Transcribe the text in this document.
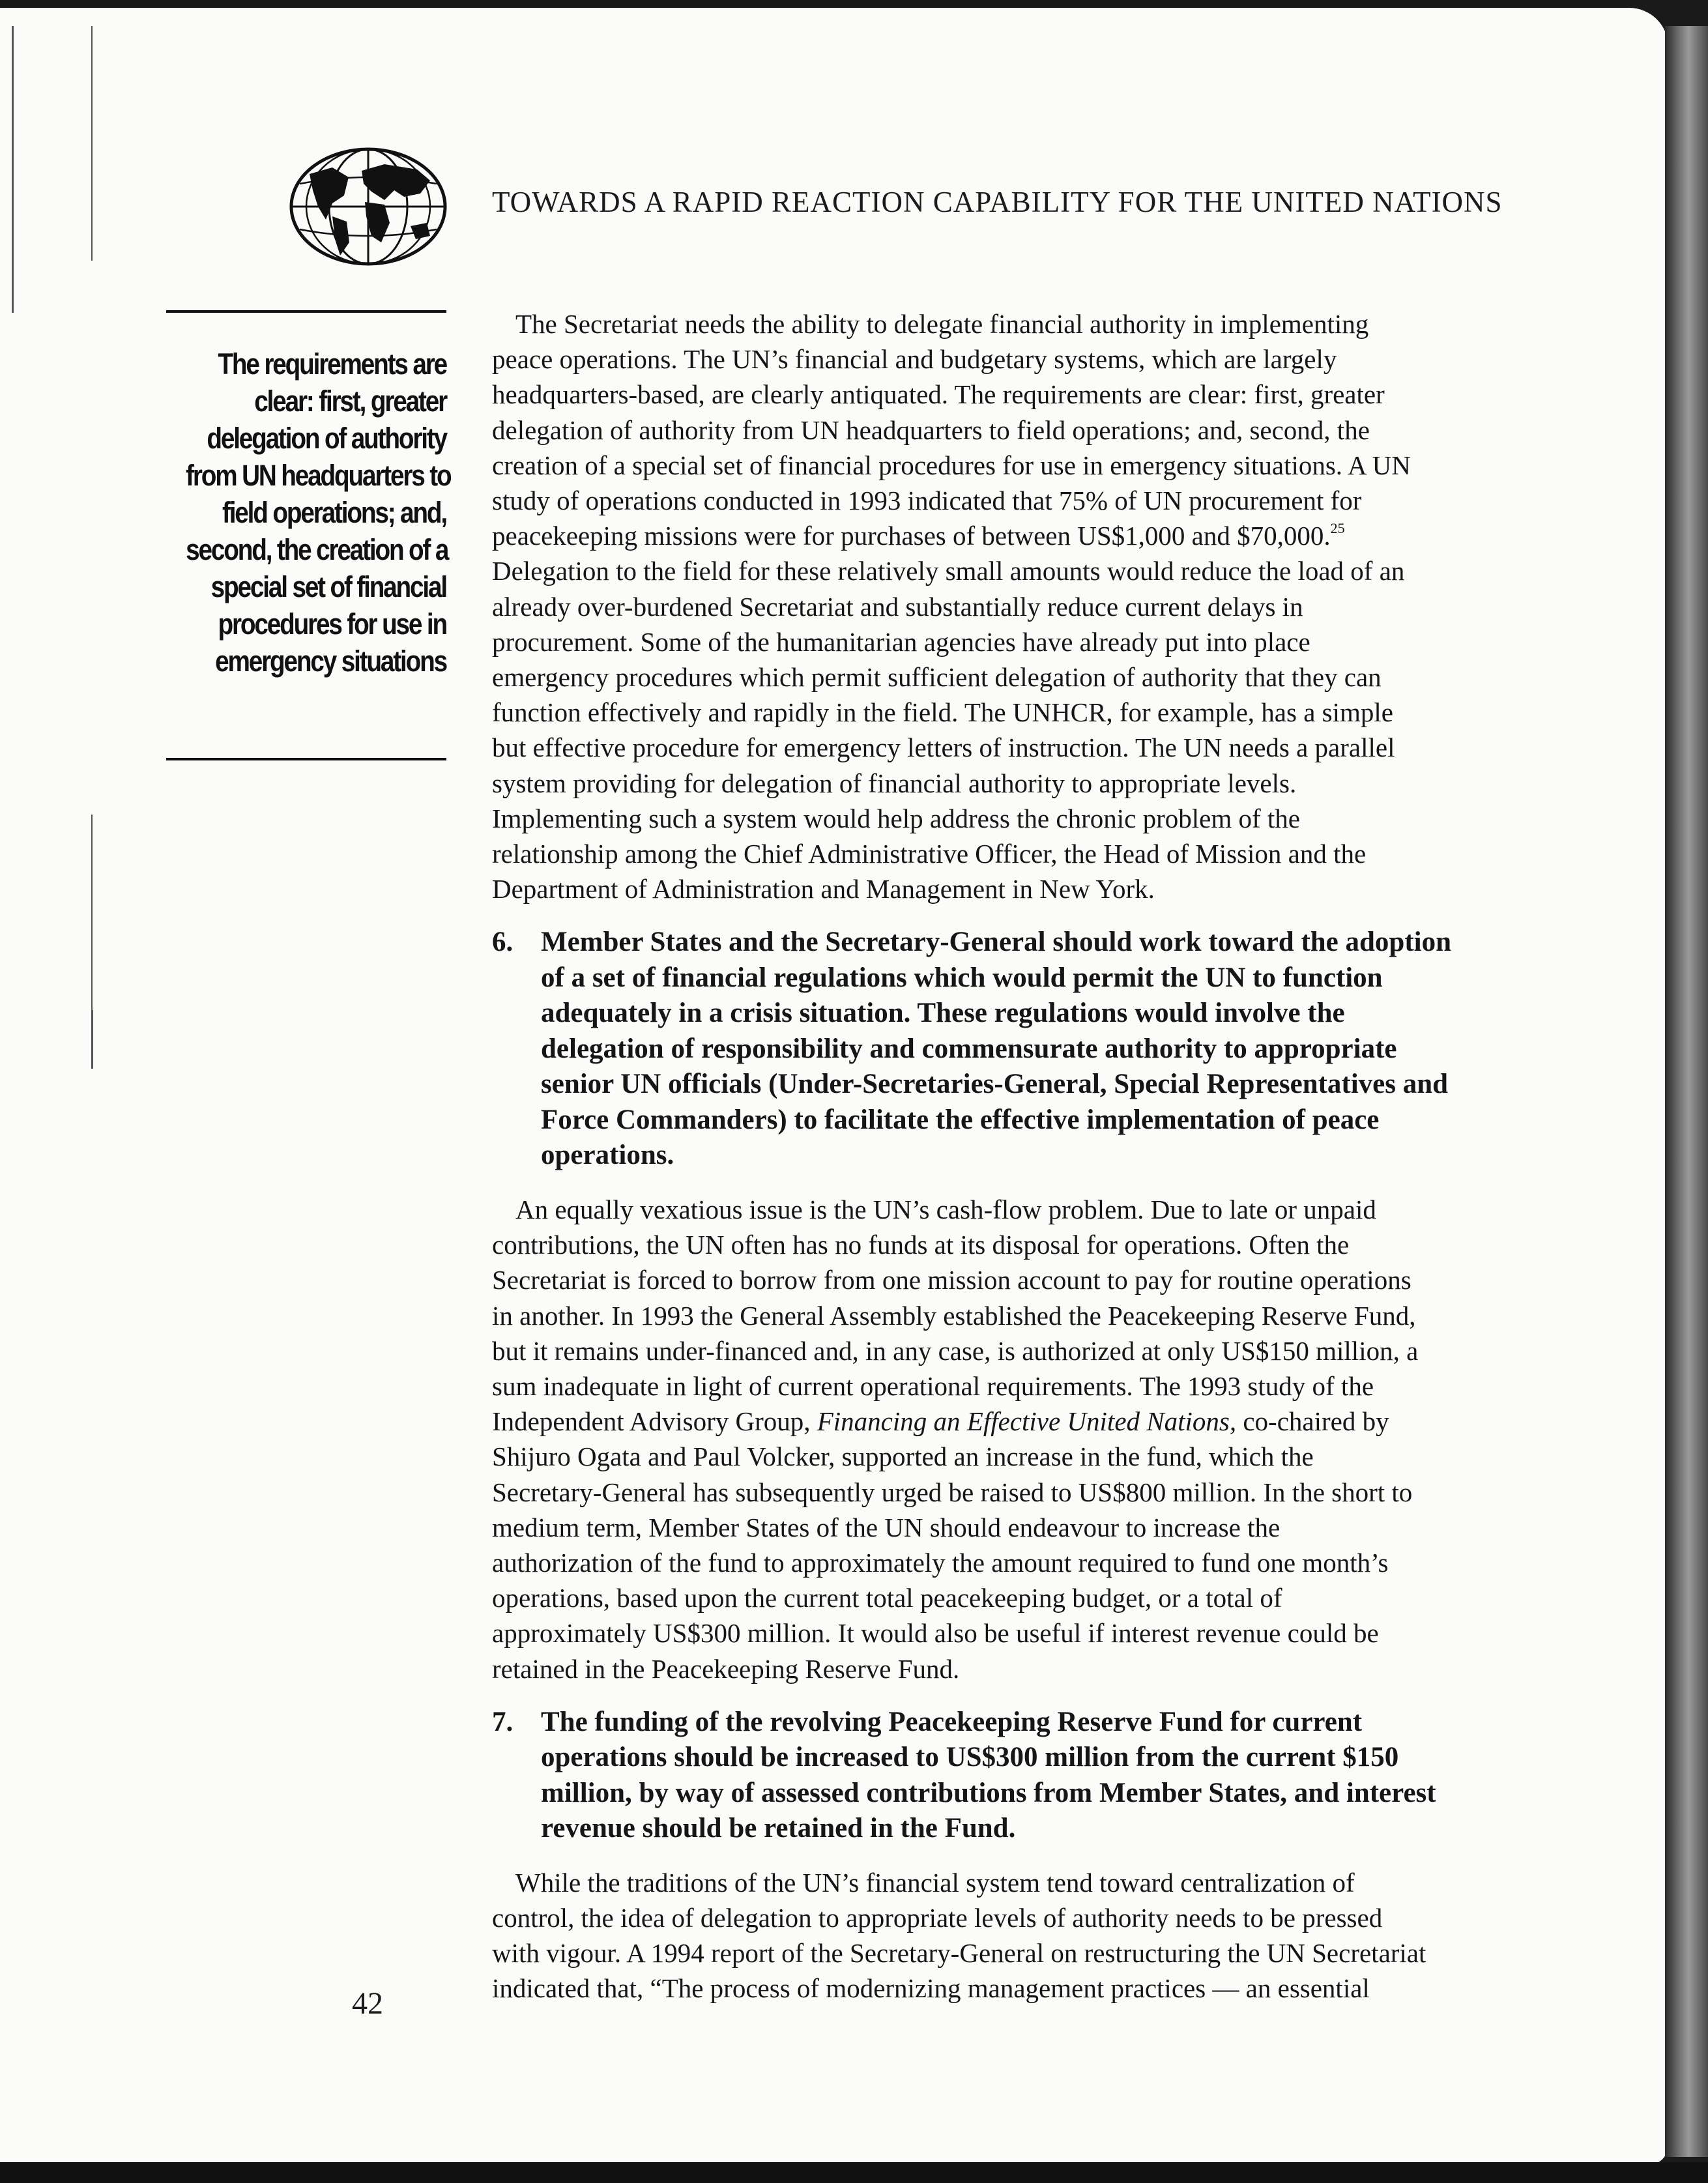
TOWARDS A RAPID REACTION CAPABILITY FOR THE UNITED NATIONS
The requirements are
clear: first, greater
delegation of authority
from UN headquarters to
field operations; and,
second, the creation of a
special set of financial
procedures for use in
emergency situations
The Secretariat needs the ability to delegate financial authority in implementing
peace operations. The UN’s financial and budgetary systems, which are largely
headquarters-based, are clearly antiquated. The requirements are clear: first, greater
delegation of authority from UN headquarters to field operations; and, second, the
creation of a special set of financial procedures for use in emergency situations. A UN
study of operations conducted in 1993 indicated that 75% of UN procurement for
peacekeeping missions were for purchases of between US$1,000 and $70,000.25
Delegation to the field for these relatively small amounts would reduce the load of an
already over-burdened Secretariat and substantially reduce current delays in
procurement. Some of the humanitarian agencies have already put into place
emergency procedures which permit sufficient delegation of authority that they can
function effectively and rapidly in the field. The UNHCR, for example, has a simple
but effective procedure for emergency letters of instruction. The UN needs a parallel
system providing for delegation of financial authority to appropriate levels.
Implementing such a system would help address the chronic problem of the
relationship among the Chief Administrative Officer, the Head of Mission and the
Department of Administration and Management in New York.
6. Member States and the Secretary-General should work toward the adoption
of a set of financial regulations which would permit the UN to function
adequately in a crisis situation. These regulations would involve the
delegation of responsibility and commensurate authority to appropriate
senior UN officials (Under-Secretaries-General, Special Representatives and
Force Commanders) to facilitate the effective implementation of peace
operations.
An equally vexatious issue is the UN’s cash-flow problem. Due to late or unpaid
contributions, the UN often has no funds at its disposal for operations. Often the
Secretariat is forced to borrow from one mission account to pay for routine operations
in another. In 1993 the General Assembly established the Peacekeeping Reserve Fund,
but it remains under-financed and, in any case, is authorized at only US$150 million, a
sum inadequate in light of current operational requirements. The 1993 study of the
Independent Advisory Group, Financing an Effective United Nations, co-chaired by
Shijuro Ogata and Paul Volcker, supported an increase in the fund, which the
Secretary-General has subsequently urged be raised to US$800 million. In the short to
medium term, Member States of the UN should endeavour to increase the
authorization of the fund to approximately the amount required to fund one month’s
operations, based upon the current total peacekeeping budget, or a total of
approximately US$300 million. It would also be useful if interest revenue could be
retained in the Peacekeeping Reserve Fund.
7. The funding of the revolving Peacekeeping Reserve Fund for current
operations should be increased to US$300 million from the current $150
million, by way of assessed contributions from Member States, and interest
revenue should be retained in the Fund.
While the traditions of the UN’s financial system tend toward centralization of
control, the idea of delegation to appropriate levels of authority needs to be pressed
with vigour. A 1994 report of the Secretary-General on restructuring the UN Secretariat
indicated that, “The process of modernizing management practices — an essential
42
